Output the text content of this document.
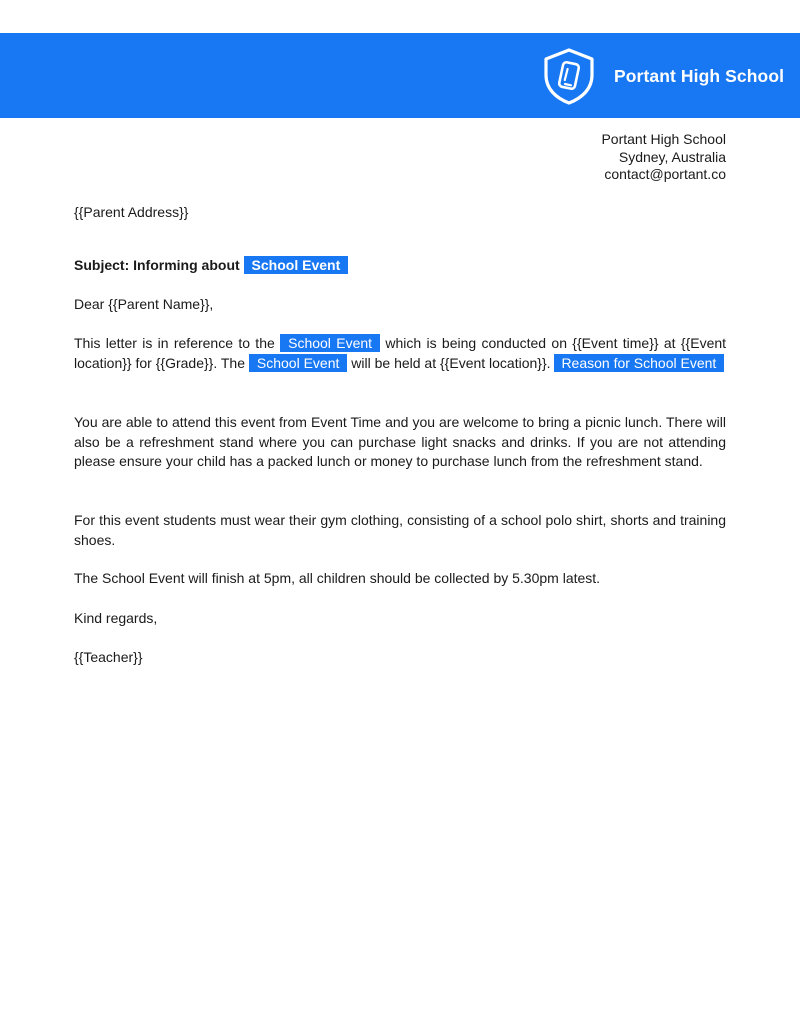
Portant High School
Portant High School
Sydney, Australia
contact@portant.co
{{Parent Address}}
Subject: Informing about School Event
Dear {{Parent Name}},
This letter is in reference to the School Event which is being conducted on {{Event time}} at {{Event location}} for {{Grade}}. The School Event will be held at {{Event location}}. Reason for School Event
You are able to attend this event from Event Time and you are welcome to bring a picnic lunch. There will also be a refreshment stand where you can purchase light snacks and drinks. If you are not attending please ensure your child has a packed lunch or money to purchase lunch from the refreshment stand.
For this event students must wear their gym clothing, consisting of a school polo shirt, shorts and training shoes.
The School Event will finish at 5pm, all children should be collected by 5.30pm latest.
Kind regards,
{{Teacher}}
